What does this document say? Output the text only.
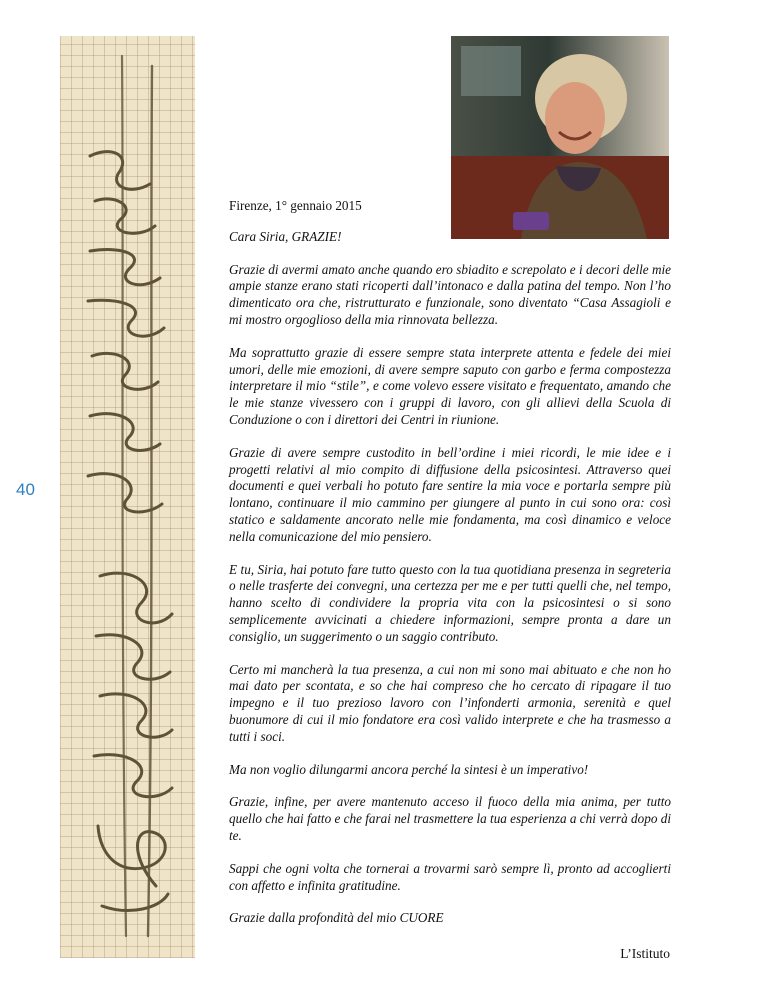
40

Firenze, 1° gennaio 2015

Cara Siria, GRAZIE!

Grazie di avermi amato anche quando ero sbiadito e screpolato e i decori delle mie ampie stanze erano stati ricoperti dall’intonaco e dalla patina del tempo. Non l’ho dimenticato ora che, ristrutturato e funzionale, sono diventato “Casa Assagioli e mi mostro orgoglioso della mia rinnovata bellezza.

Ma soprattutto grazie di essere sempre stata interprete attenta e fedele dei miei umori, delle mie emozioni, di avere sempre saputo con garbo e ferma compostezza interpretare il mio “stile”, e come volevo essere visitato e frequentato, amando che le mie stanze vivessero con i gruppi di lavoro, con gli allievi della Scuola di Conduzione o con i direttori dei Centri in riunione.

Grazie di avere sempre custodito in bell’ordine i miei ricordi, le mie idee e i progetti relativi al mio compito di diffusione della psicosintesi. Attraverso quei documenti e quei verbali ho potuto fare sentire la mia voce e portarla sempre più lontano, continuare il mio cammino per giungere al punto in cui sono ora: così statico e saldamente ancorato nelle mie fondamenta, ma così dinamico e veloce nella comunicazione del mio pensiero.

E tu, Siria, hai potuto fare tutto questo con la tua quotidiana presenza in segreteria o nelle trasferte dei convegni, una certezza per me e per tutti quelli che, nel tempo, hanno scelto di condividere la propria vita con la psicosintesi o si sono semplicemente avvicinati a chiedere informazioni, sempre pronta a dare un consiglio, un suggerimento o un saggio contributo.

Certo mi mancherà la tua presenza, a cui non mi sono mai abituato e che non ho mai dato per scontata, e so che hai compreso che ho cercato di ripagare il tuo impegno e il tuo prezioso lavoro con l’infonderti armonia, serenità e quel buonumore di cui il mio fondatore era così valido interprete e che ha trasmesso a tutti i soci.

Ma non voglio dilungarmi ancora perché la sintesi è un imperativo!

Grazie, infine, per avere mantenuto acceso il fuoco della mia anima, per tutto quello che hai fatto e che farai nel trasmettere la tua esperienza a chi verrà dopo di te.

Sappi che ogni volta che tornerai a trovarmi sarò sempre lì, pronto ad accoglierti con affetto e infinita gratitudine.

Grazie dalla profondità del mio CUORE

L’Istituto
